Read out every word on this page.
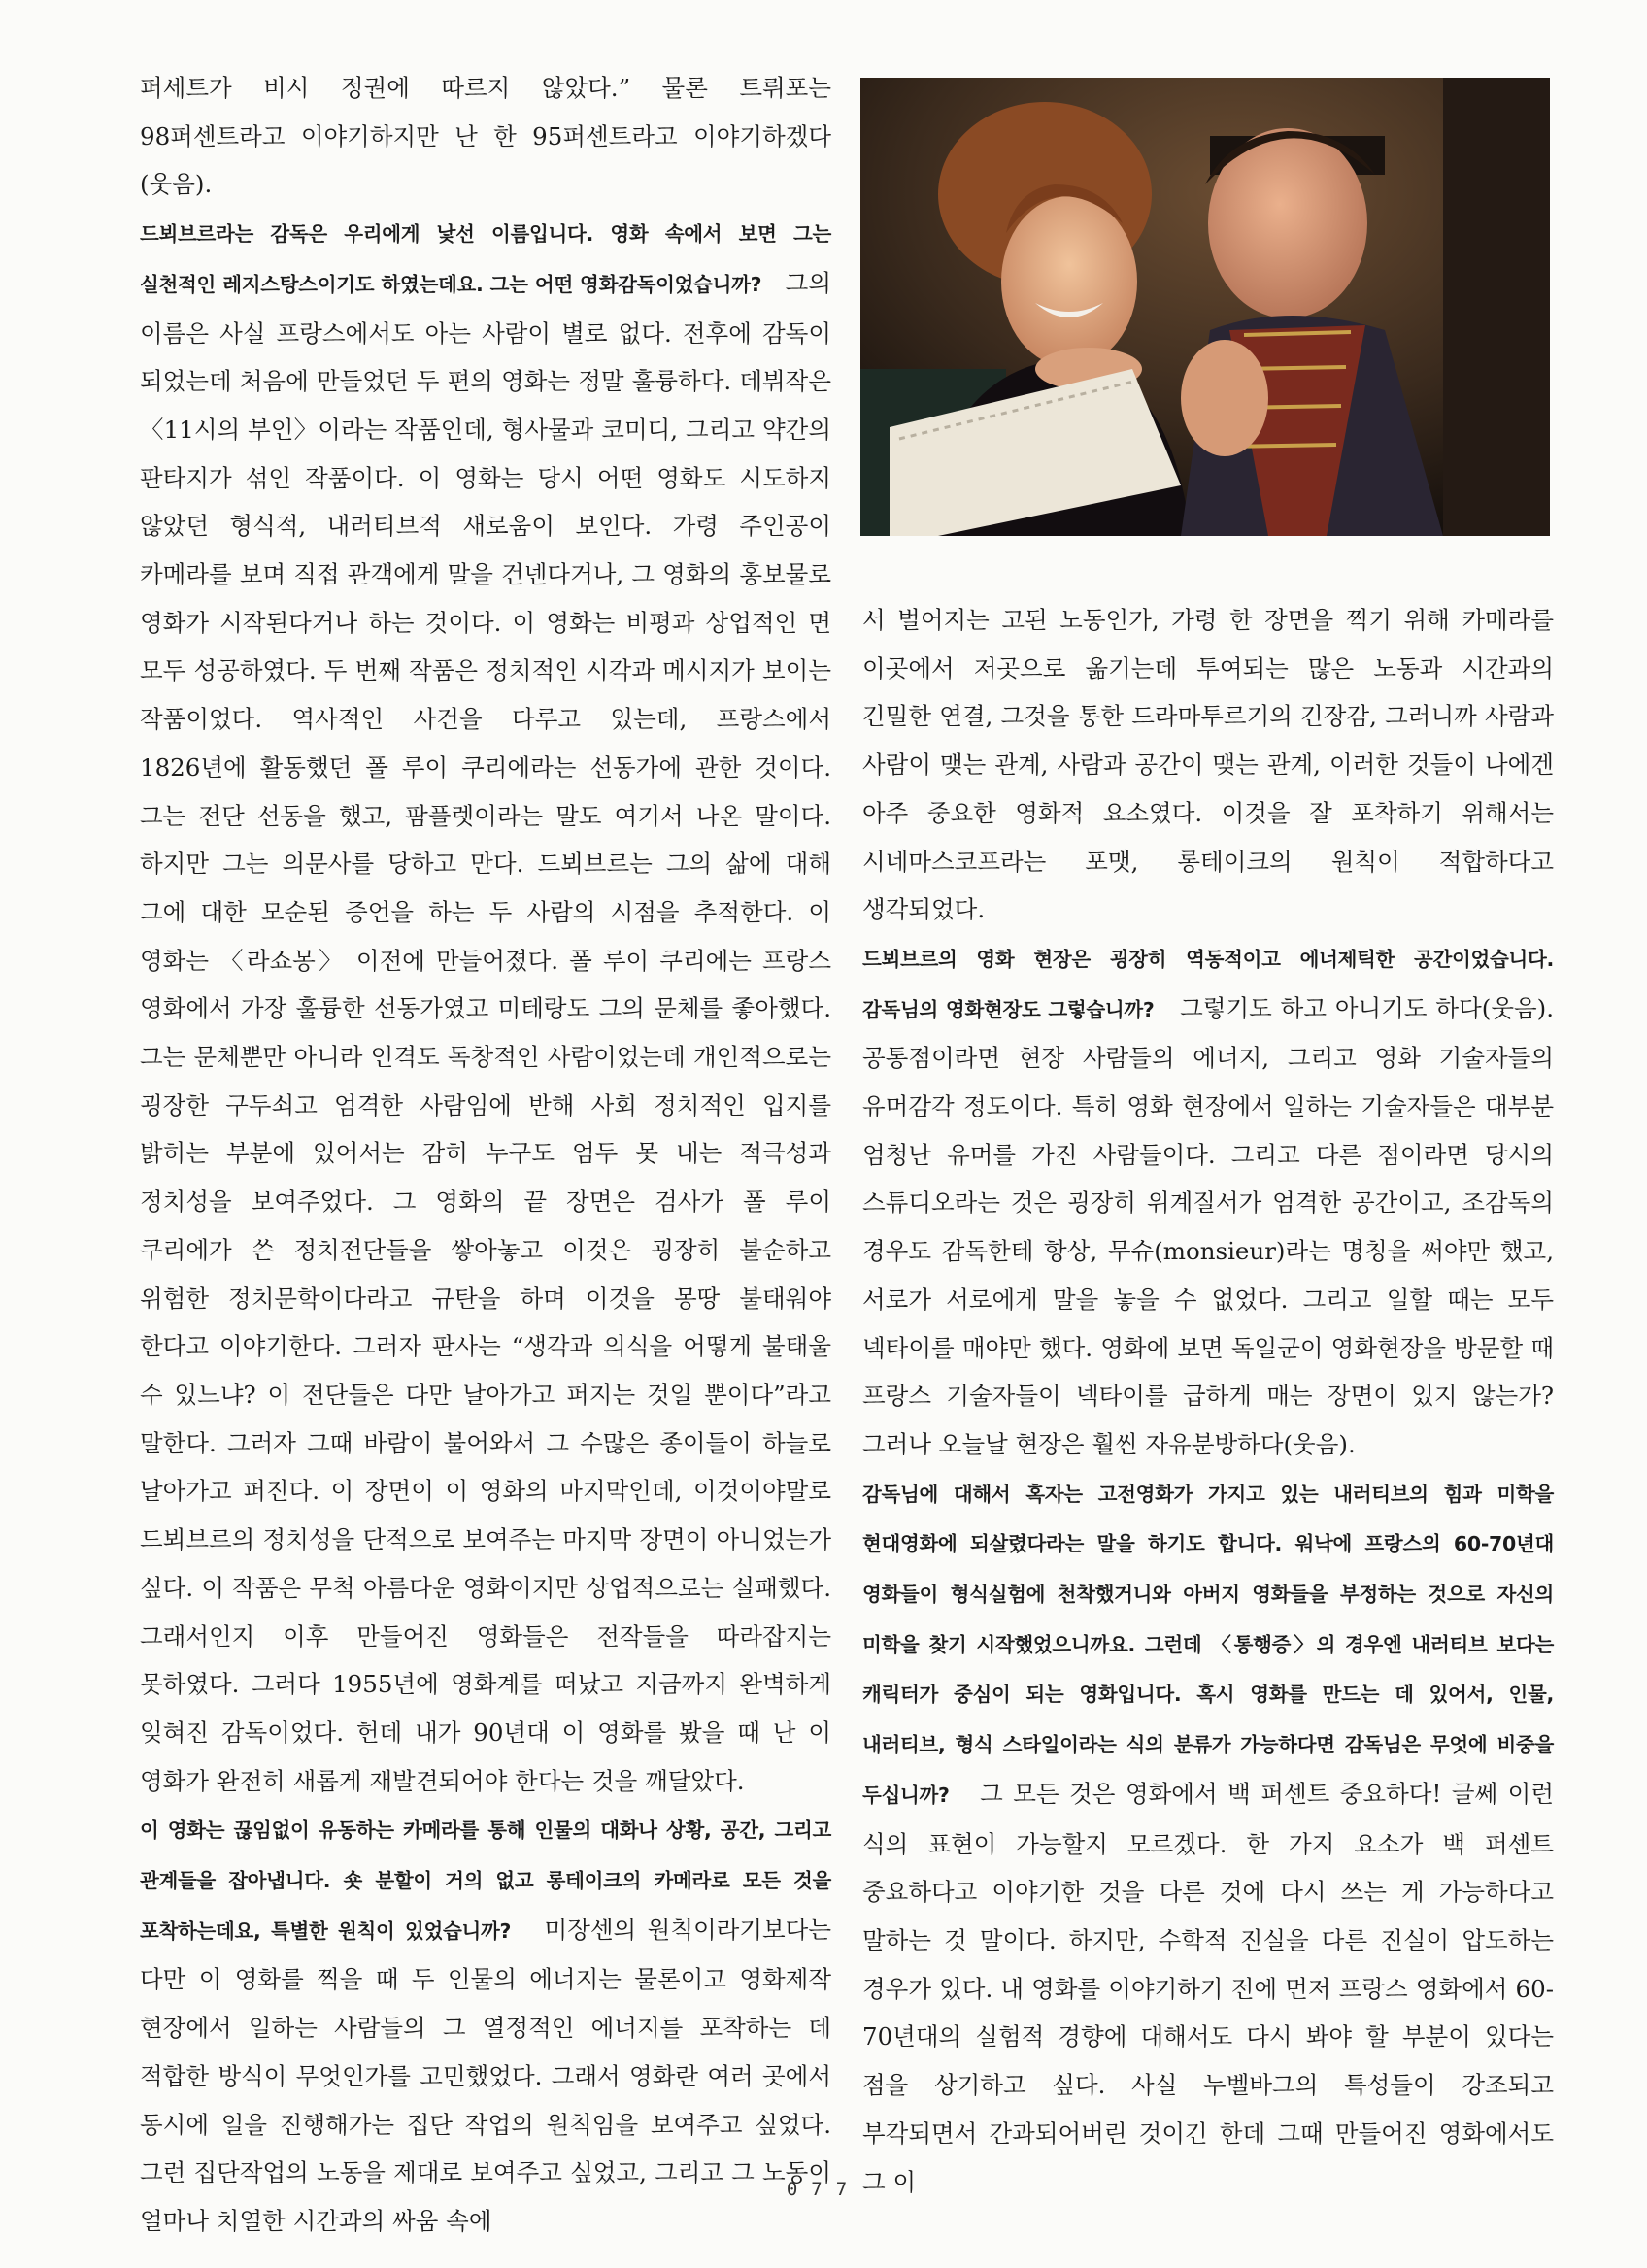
퍼세트가 비시 정권에 따르지 않았다.” 물론 트뤼포는 98퍼센트라고 이야기하지만 난 한 95퍼센트라고 이야기하겠다(웃음).

드뵈브르라는 감독은 우리에게 낯선 이름입니다. 영화 속에서 보면 그는 실천적인 레지스탕스이기도 하였는데요. 그는 어떤 영화감독이었습니까? 그의 이름은 사실 프랑스에서도 아는 사람이 별로 없다. 전후에 감독이 되었는데 처음에 만들었던 두 편의 영화는 정말 훌륭하다. 데뷔작은 〈11시의 부인〉이라는 작품인데, 형사물과 코미디, 그리고 약간의 판타지가 섞인 작품이다. 이 영화는 당시 어떤 영화도 시도하지 않았던 형식적, 내러티브적 새로움이 보인다. 가령 주인공이 카메라를 보며 직접 관객에게 말을 건넨다거나, 그 영화의 홍보물로 영화가 시작된다거나 하는 것이다. 이 영화는 비평과 상업적인 면 모두 성공하였다. 두 번째 작품은 정치적인 시각과 메시지가 보이는 작품이었다. 역사적인 사건을 다루고 있는데, 프랑스에서 1826년에 활동했던 폴 루이 쿠리에라는 선동가에 관한 것이다. 그는 전단 선동을 했고, 팜플렛이라는 말도 여기서 나온 말이다. 하지만 그는 의문사를 당하고 만다. 드뵈브르는 그의 삶에 대해 그에 대한 모순된 증언을 하는 두 사람의 시점을 추적한다. 이 영화는 〈라쇼몽〉 이전에 만들어졌다. 폴 루이 쿠리에는 프랑스 영화에서 가장 훌륭한 선동가였고 미테랑도 그의 문체를 좋아했다. 그는 문체뿐만 아니라 인격도 독창적인 사람이었는데 개인적으로는 굉장한 구두쇠고 엄격한 사람임에 반해 사회 정치적인 입지를 밝히는 부분에 있어서는 감히 누구도 엄두 못 내는 적극성과 정치성을 보여주었다. 그 영화의 끝 장면은 검사가 폴 루이 쿠리에가 쓴 정치전단들을 쌓아놓고 이것은 굉장히 불순하고 위험한 정치문학이다라고 규탄을 하며 이것을 몽땅 불태워야 한다고 이야기한다. 그러자 판사는 “생각과 의식을 어떻게 불태울 수 있느냐? 이 전단들은 다만 날아가고 퍼지는 것일 뿐이다”라고 말한다. 그러자 그때 바람이 불어와서 그 수많은 종이들이 하늘로 날아가고 퍼진다. 이 장면이 이 영화의 마지막인데, 이것이야말로 드뵈브르의 정치성을 단적으로 보여주는 마지막 장면이 아니었는가 싶다. 이 작품은 무척 아름다운 영화이지만 상업적으로는 실패했다. 그래서인지 이후 만들어진 영화들은 전작들을 따라잡지는 못하였다. 그러다 1955년에 영화계를 떠났고 지금까지 완벽하게 잊혀진 감독이었다. 헌데 내가 90년대 이 영화를 봤을 때 난 이 영화가 완전히 새롭게 재발견되어야 한다는 것을 깨달았다.

이 영화는 끊임없이 유동하는 카메라를 통해 인물의 대화나 상황, 공간, 그리고 관계들을 잡아냅니다. 숏 분할이 거의 없고 롱테이크의 카메라로 모든 것을 포착하는데요, 특별한 원칙이 있었습니까? 미장센의 원칙이라기보다는 다만 이 영화를 찍을 때 두 인물의 에너지는 물론이고 영화제작 현장에서 일하는 사람들의 그 열정적인 에너지를 포착하는 데 적합한 방식이 무엇인가를 고민했었다. 그래서 영화란 여러 곳에서 동시에 일을 진행해가는 집단 작업의 원칙임을 보여주고 싶었다. 그런 집단작업의 노동을 제대로 보여주고 싶었고, 그리고 그 노동이 얼마나 치열한 시간과의 싸움 속에

서 벌어지는 고된 노동인가, 가령 한 장면을 찍기 위해 카메라를 이곳에서 저곳으로 옮기는데 투여되는 많은 노동과 시간과의 긴밀한 연결, 그것을 통한 드라마투르기의 긴장감, 그러니까 사람과 사람이 맺는 관계, 사람과 공간이 맺는 관계, 이러한 것들이 나에겐 아주 중요한 영화적 요소였다. 이것을 잘 포착하기 위해서는 시네마스코프라는 포맷, 롱테이크의 원칙이 적합하다고 생각되었다.

드뵈브르의 영화 현장은 굉장히 역동적이고 에너제틱한 공간이었습니다. 감독님의 영화현장도 그렇습니까? 그렇기도 하고 아니기도 하다(웃음). 공통점이라면 현장 사람들의 에너지, 그리고 영화 기술자들의 유머감각 정도이다. 특히 영화 현장에서 일하는 기술자들은 대부분 엄청난 유머를 가진 사람들이다. 그리고 다른 점이라면 당시의 스튜디오라는 것은 굉장히 위계질서가 엄격한 공간이고, 조감독의 경우도 감독한테 항상, 무슈(monsieur)라는 명칭을 써야만 했고, 서로가 서로에게 말을 놓을 수 없었다. 그리고 일할 때는 모두 넥타이를 매야만 했다. 영화에 보면 독일군이 영화현장을 방문할 때 프랑스 기술자들이 넥타이를 급하게 매는 장면이 있지 않는가? 그러나 오늘날 현장은 훨씬 자유분방하다(웃음).

감독님에 대해서 혹자는 고전영화가 가지고 있는 내러티브의 힘과 미학을 현대영화에 되살렸다라는 말을 하기도 합니다. 워낙에 프랑스의 60-70년대 영화들이 형식실험에 천착했거니와 아버지 영화들을 부정하는 것으로 자신의 미학을 찾기 시작했었으니까요. 그런데 〈통행증〉의 경우엔 내러티브 보다는 캐릭터가 중심이 되는 영화입니다. 혹시 영화를 만드는 데 있어서, 인물, 내러티브, 형식 스타일이라는 식의 분류가 가능하다면 감독님은 무엇에 비중을 두십니까? 그 모든 것은 영화에서 백 퍼센트 중요하다! 글쎄 이런 식의 표현이 가능할지 모르겠다. 한 가지 요소가 백 퍼센트 중요하다고 이야기한 것을 다른 것에 다시 쓰는 게 가능하다고 말하는 것 말이다. 하지만, 수학적 진실을 다른 진실이 압도하는 경우가 있다. 내 영화를 이야기하기 전에 먼저 프랑스 영화에서 60-70년대의 실험적 경향에 대해서도 다시 봐야 할 부분이 있다는 점을 상기하고 싶다. 사실 누벨바그의 특성들이 강조되고 부각되면서 간과되어버린 것이긴 한데 그때 만들어진 영화에서도 그 이

077
